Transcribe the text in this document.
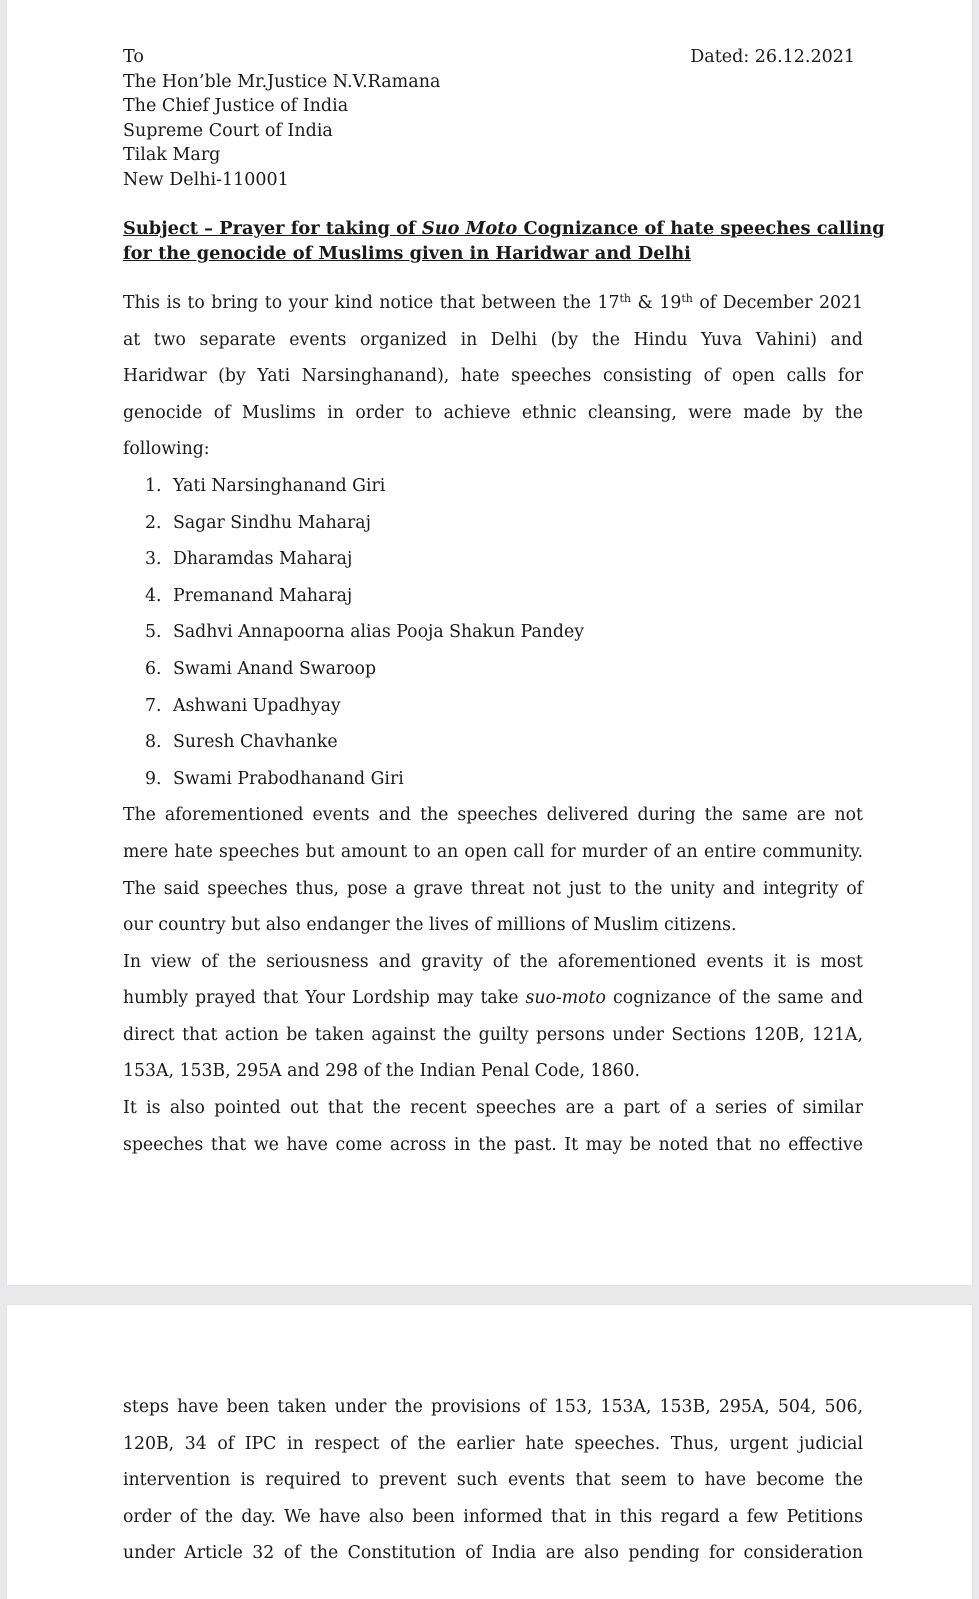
To
The Hon’ble Mr.Justice N.V.Ramana
The Chief Justice of India
Supreme Court of India
Tilak Marg
New Delhi-110001
Dated: 26.12.2021
Subject – Prayer for taking of Suo Moto Cognizance of hate speeches calling
for the genocide of Muslims given in Haridwar and Delhi
This is to bring to your kind notice that between the 17th & 19th of December 2021
at two separate events organized in Delhi (by the Hindu Yuva Vahini) and
Haridwar (by Yati Narsinghanand), hate speeches consisting of open calls for
genocide of Muslims in order to achieve ethnic cleansing, were made by the
following:
1. Yati Narsinghanand Giri
2. Sagar Sindhu Maharaj
3. Dharamdas Maharaj
4. Premanand Maharaj
5. Sadhvi Annapoorna alias Pooja Shakun Pandey
6. Swami Anand Swaroop
7. Ashwani Upadhyay
8. Suresh Chavhanke
9. Swami Prabodhanand Giri
The aforementioned events and the speeches delivered during the same are not
mere hate speeches but amount to an open call for murder of an entire community.
The said speeches thus, pose a grave threat not just to the unity and integrity of
our country but also endanger the lives of millions of Muslim citizens.
In view of the seriousness and gravity of the aforementioned events it is most
humbly prayed that Your Lordship may take suo-moto cognizance of the same and
direct that action be taken against the guilty persons under Sections 120B, 121A,
153A, 153B, 295A and 298 of the Indian Penal Code, 1860.
It is also pointed out that the recent speeches are a part of a series of similar
speeches that we have come across in the past. It may be noted that no effective
steps have been taken under the provisions of 153, 153A, 153B, 295A, 504, 506,
120B, 34 of IPC in respect of the earlier hate speeches. Thus, urgent judicial
intervention is required to prevent such events that seem to have become the
order of the day. We have also been informed that in this regard a few Petitions
under Article 32 of the Constitution of India are also pending for consideration
